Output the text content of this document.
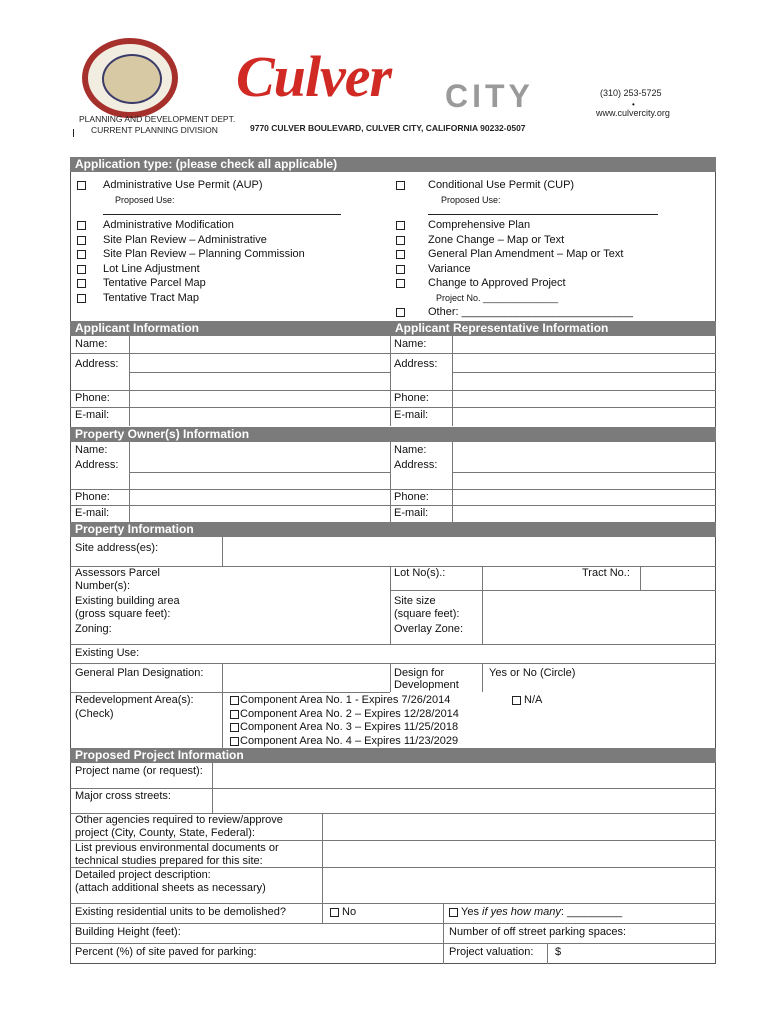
Culver CITY
PLANNING AND DEVELOPMENT DEPT.
CURRENT PLANNING DIVISION	9770 CULVER BOULEVARD, CULVER CITY, CALIFORNIA 90232-0507
(310) 253-5725
•
www.culvercity.org
Application type: (please check all applicable)
Administrative Use Permit (AUP)
Proposed Use:
Administrative Modification
Site Plan Review – Administrative
Site Plan Review – Planning Commission
Lot Line Adjustment
Tentative Parcel Map
Tentative Tract Map
Conditional Use Permit (CUP)
Proposed Use:
Comprehensive Plan
Zone Change – Map or Text
General Plan Amendment – Map or Text
Variance
Change to Approved Project
Project No. _______________
Other: ____________________________
Applicant Information	Applicant Representative Information
Name:
Address:
Phone:
E-mail:
Name:
Address:
Phone:
E-mail:
Property Owner(s) Information
Name:
Address:
Phone:
E-mail:
Name:
Address:
Phone:
E-mail:
Property Information
Site address(es):
Assessors Parcel
Number(s):
Existing building area
(gross square feet):
Zoning:
Lot No(s).:	Tract No.:
Site size
(square feet):
Overlay Zone:
Existing Use:
General Plan Designation:	Design for
Development
Yes or No (Circle)
N/A
Redevelopment Area(s):
(Check)
Component Area No. 1 - Expires 7/26/2014
Component Area No. 2 – Expires 12/28/2014
Component Area No. 3 – Expires 11/25/2018
Component Area No. 4 – Expires 11/23/2029
Proposed Project Information
Project name (or request):
Major cross streets:
Other agencies required to review/approve
project (City, County, State, Federal):
List previous environmental documents or
technical studies prepared for this site:
Detailed project description:
(attach additional sheets as necessary)
Existing residential units to be demolished?	No	Yes if yes how many: _________
Building Height (feet):	Number of off street parking spaces:
Percent (%) of site paved for parking:	Project valuation: $
